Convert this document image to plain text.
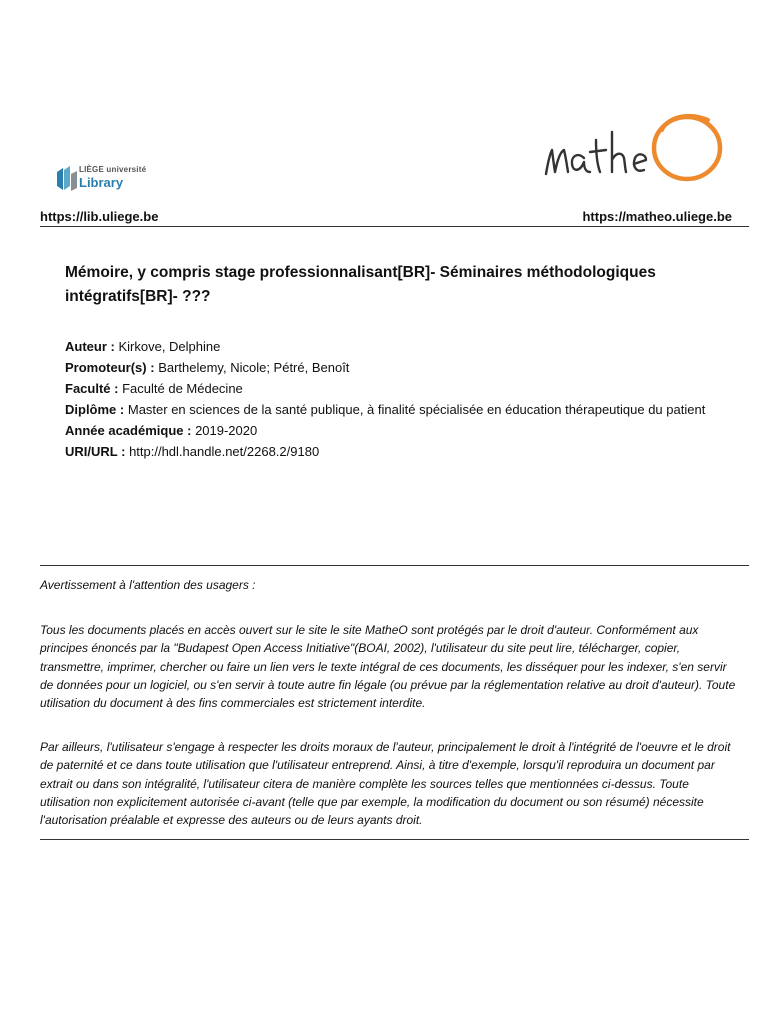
LIÈGE université
Library
https://lib.uliege.be	https://matheo.uliege.be
Mémoire, y compris stage professionnalisant[BR]- Séminaires méthodologiques intégratifs[BR]- ???
Auteur : Kirkove, Delphine
Promoteur(s) : Barthelemy, Nicole; Pétré, Benoît
Faculté : Faculté de Médecine
Diplôme : Master en sciences de la santé publique, à finalité spécialisée en éducation thérapeutique du patient
Année académique : 2019-2020
URI/URL : http://hdl.handle.net/2268.2/9180
Avertissement à l'attention des usagers :

Tous les documents placés en accès ouvert sur le site le site MatheO sont protégés par le droit d'auteur. Conformément aux principes énoncés par la "Budapest Open Access Initiative"(BOAI, 2002), l'utilisateur du site peut lire, télécharger, copier, transmettre, imprimer, chercher ou faire un lien vers le texte intégral de ces documents, les disséquer pour les indexer, s'en servir de données pour un logiciel, ou s'en servir à toute autre fin légale (ou prévue par la réglementation relative au droit d'auteur). Toute utilisation du document à des fins commerciales est strictement interdite.

Par ailleurs, l'utilisateur s'engage à respecter les droits moraux de l'auteur, principalement le droit à l'intégrité de l'oeuvre et le droit de paternité et ce dans toute utilisation que l'utilisateur entreprend. Ainsi, à titre d'exemple, lorsqu'il reproduira un document par extrait ou dans son intégralité, l'utilisateur citera de manière complète les sources telles que mentionnées ci-dessus. Toute utilisation non explicitement autorisée ci-avant (telle que par exemple, la modification du document ou son résumé) nécessite l'autorisation préalable et expresse des auteurs ou de leurs ayants droit.
